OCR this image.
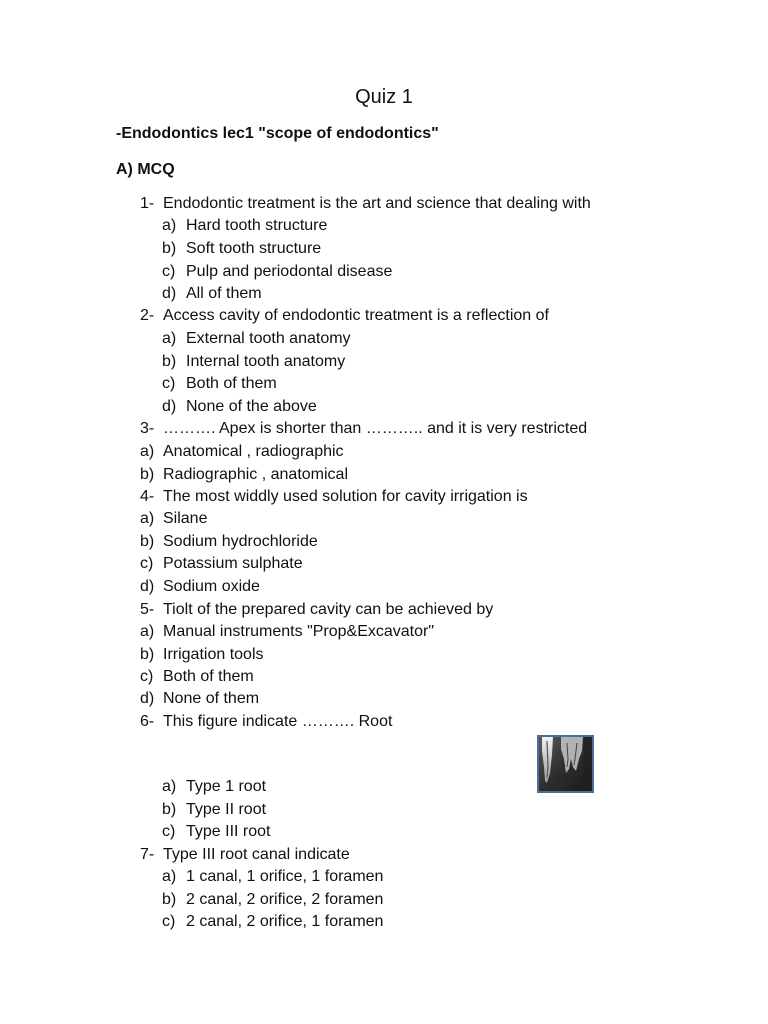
Quiz 1
-Endodontics lec1 "scope of endodontics"
A) MCQ
1- Endodontic treatment is the art and science that dealing with
a) Hard tooth structure
b) Soft tooth structure
c) Pulp and periodontal disease
d) All of them
2- Access cavity of endodontic treatment is a reflection of
a) External tooth anatomy
b) Internal tooth anatomy
c) Both of them
d) None of the above
3- ………. Apex is shorter than ……….. and it is very restricted
a) Anatomical , radiographic
b) Radiographic , anatomical
4- The most widdly used solution for cavity irrigation is
a) Silane
b) Sodium hydrochloride
c) Potassium sulphate
d) Sodium oxide
5- Tiolt of the prepared cavity can be achieved by
a) Manual instruments "Prop&Excavator"
b) Irrigation tools
c) Both of them
d) None of them
6- This figure indicate ………. Root
a) Type 1 root
b) Type II root
c) Type III root
7- Type III root canal indicate
a) 1 canal, 1 orifice, 1 foramen
b) 2 canal, 2 orifice, 2 foramen
c) 2 canal, 2 orifice, 1 foramen
